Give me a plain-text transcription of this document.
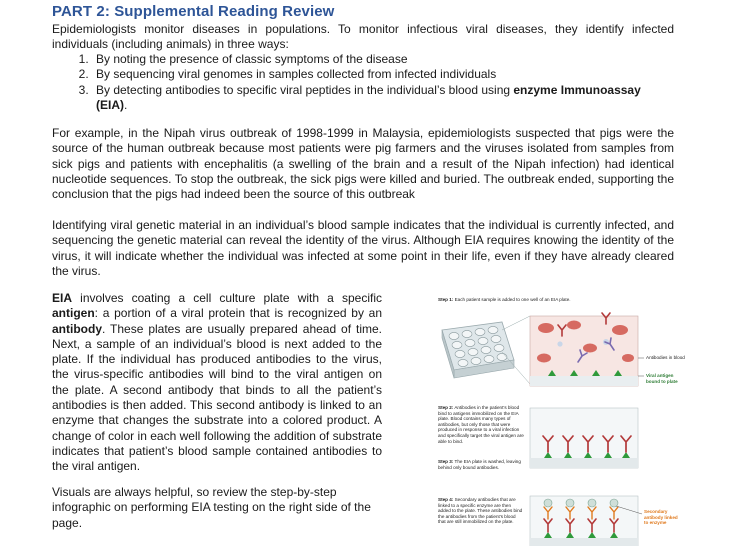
PART 2: Supplemental Reading Review
Epidemiologists monitor diseases in populations. To monitor infectious viral diseases, they identify infected individuals (including animals) in three ways:
1. By noting the presence of classic symptoms of the disease
2. By sequencing viral genomes in samples collected from infected individuals
3. By detecting antibodies to specific viral peptides in the individual’s blood using enzyme Immunoassay (EIA).
For example, in the Nipah virus outbreak of 1998-1999 in Malaysia, epidemiologists suspected that pigs were the source of the human outbreak because most patients were pig farmers and the viruses isolated from samples from sick pigs and patients with encephalitis (a swelling of the brain and a result of the Nipah infection) had identical nucleotide sequences. To stop the outbreak, the sick pigs were killed and buried. The outbreak ended, supporting the conclusion that the pigs had indeed been the source of this outbreak
Identifying viral genetic material in an individual’s blood sample indicates that the individual is currently infected, and sequencing the genetic material can reveal the identity of the virus. Although EIA requires knowing the identity of the virus, it will indicate whether the individual was infected at some point in their life, even if they have already cleared the virus.
EIA involves coating a cell culture plate with a specific antigen: a portion of a viral protein that is recognized by an antibody. These plates are usually prepared ahead of time. Next, a sample of an individual’s blood is next added to the plate. If the individual has produced antibodies to the virus, the virus-specific antibodies will bind to the viral antigen on the plate. A second antibody that binds to all the patient’s antibodies is then added. This second antibody is linked to an enzyme that changes the substrate into a colored product. A change of color in each well following the addition of substrate indicates that patient’s blood sample contained antibodies to the viral antigen.
Visuals are always helpful, so review the step-by-step infographic on performing EIA testing on the right side of the page.
Step 1: Each patient sample is added to one well of an EIA plate.
Antibodies in blood
Viral antigen bound to plate
Step 2: Antibodies in the patient’s blood bind to antigens immobilized on the EIA plate. Blood contains many types of antibodies, but only those that were produced in response to a viral infection and specifically target the viral antigen are able to bind.
Step 3: The EIA plate is washed, leaving behind only bound antibodies.
Step 4: Secondary antibodies that are linked to a specific enzyme are then added to the plate. These antibodies bind the antibodies from the patient’s blood that are still immobilized on the plate.
Secondary antibody linked to enzyme
